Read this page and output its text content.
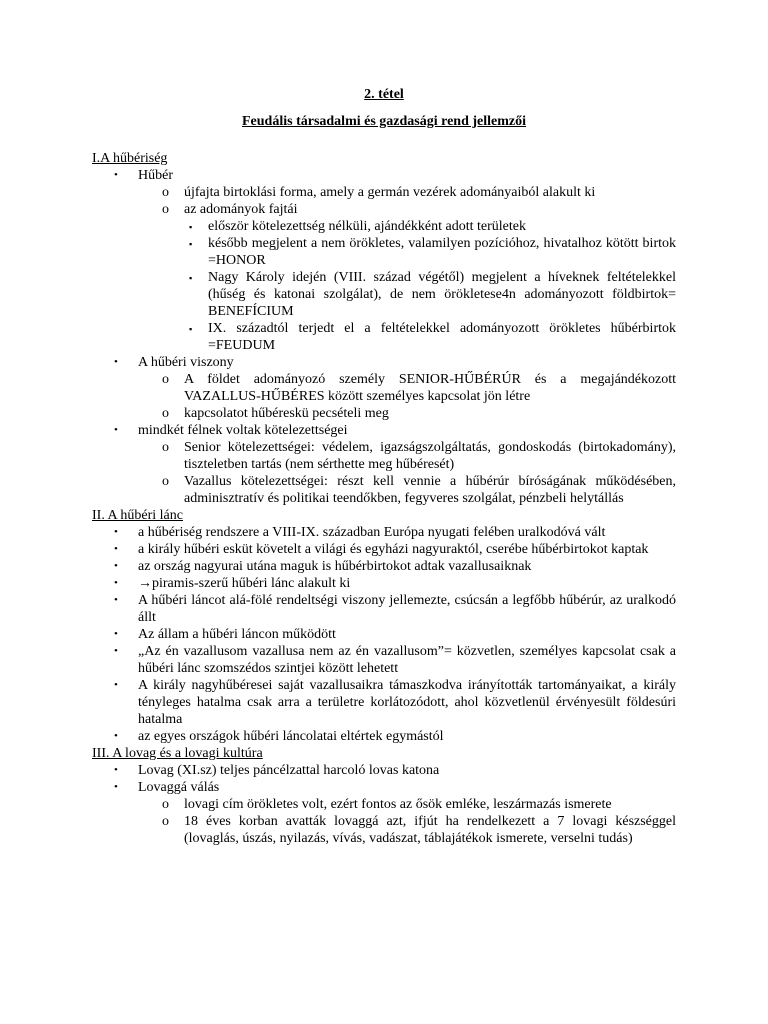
2. tétel

Feudális társadalmi és gazdasági rend jellemzői

I.A hűbériség

• Hűbér
o újfajta birtoklási forma, amely a germán vezérek adományaiból alakult ki
o az adományok fajtái
▪ először kötelezettség nélküli, ajándékként adott területek
▪ később megjelent a nem örökletes, valamilyen pozícióhoz, hivatalhoz kötött birtok =HONOR
▪ Nagy Károly idején (VIII. század végétől) megjelent a híveknek feltételekkel (hűség és katonai szolgálat), de nem örökletese4n adományozott földbirtok= BENEFÍCIUM
▪ IX. századtól terjedt el a feltételekkel adományozott örökletes hűbérbirtok =FEUDUM
• A hűbéri viszony
o A földet adományozó személy SENIOR-HŰBÉRÚR és a megajándékozott VAZALLUS-HŰBÉRES között személyes kapcsolat jön létre
o kapcsolatot hűbéreskü pecsételi meg
• mindkét félnek voltak kötelezettségei
o Senior kötelezettségei: védelem, igazságszolgáltatás, gondoskodás (birtokadomány), tiszteletben tartás (nem sérthette meg hűbéresét)
o Vazallus kötelezettségei: részt kell vennie a hűbérúr bíróságának működésében, adminisztratív és politikai teendőkben, fegyveres szolgálat, pénzbeli helytállás

II. A hűbéri lánc

• a hűbériség rendszere a VIII-IX. században Európa nyugati felében uralkodóvá vált
• a király hűbéri esküt követelt a világi és egyházi nagyuraktól, cserébe hűbérbirtokot kaptak
• az ország nagyurai utána maguk is hűbérbirtokot adtak vazallusaiknak
• →piramis-szerű hűbéri lánc alakult ki
• A hűbéri láncot alá-fölé rendeltségi viszony jellemezte, csúcsán a legfőbb hűbérúr, az uralkodó állt
• Az állam a hűbéri láncon működött
• „Az én vazallusom vazallusa nem az én vazallusom”= közvetlen, személyes kapcsolat csak a hűbéri lánc szomszédos szintjei között lehetett
• A király nagyhűbéresei saját vazallusaikra támaszkodva irányították tartományaikat, a király tényleges hatalma csak arra a területre korlátozódott, ahol közvetlenül érvényesült földesúri hatalma
• az egyes országok hűbéri láncolatai eltértek egymástól

III. A lovag és a lovagi kultúra

• Lovag (XI.sz) teljes páncélzattal harcoló lovas katona
• Lovaggá válás
o lovagi cím örökletes volt, ezért fontos az ősök emléke, leszármazás ismerete
o 18 éves korban avatták lovaggá azt, ifjút ha rendelkezett a 7 lovagi készséggel (lovaglás, úszás, nyilazás, vívás, vadászat, táblajátékok ismerete, verselni tudás)
